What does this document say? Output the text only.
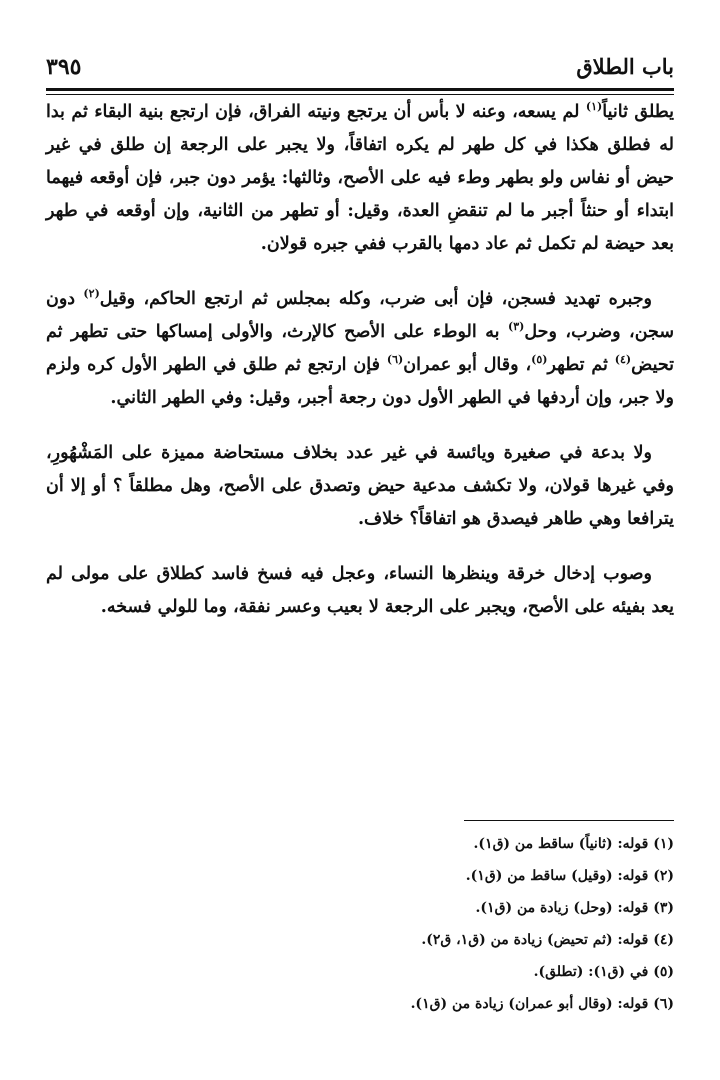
باب الطلاق
٣٩٥

يطلق ثانياً$^{(١)}$ لم يسعه، وعنه لا بأس أن يرتجع ونيته الفراق، فإن ارتجع بنية البقاء ثم بدا له فطلق هكذا في كل طهر لم يكره اتفاقاً، ولا يجبر على الرجعة إن طلق في غير حيض أو نفاس ولو بطهر وطء فيه على الأصح، وثالثها: يؤمر دون جبر، فإن أوقعه فيهما ابتداء أو حنثاً أجبر ما لم تنقضِ العدة، وقيل: أو تطهر من الثانية، وإن أوقعه في طهر بعد حيضة لم تكمل ثم عاد دمها بالقرب ففي جبره قولان.

وجبره تهديد فسجن، فإن أبى ضرب، وكله بمجلس ثم ارتجع الحاكم، وقيل$^{(٢)}$ دون سجن، وضرب، وحل$^{(٣)}$ به الوطء على الأصح كالإرث، والأولى إمساكها حتى تطهر ثم تحيض$^{(٤)}$ ثم تطهر$^{(٥)}$، وقال أبو عمران$^{(٦)}$ فإن ارتجع ثم طلق في الطهر الأول كره ولزم ولا جبر، وإن أردفها في الطهر الأول دون رجعة أجبر، وقيل: وفي الطهر الثاني.

ولا بدعة في صغيرة ويائسة في غير عدد بخلاف مستحاضة مميزة على المَشْهُورِ، وفي غيرها قولان، ولا تكشف مدعية حيض وتصدق على الأصح، وهل مطلقاً ؟ أو إلا أن يترافعا وهي طاهر فيصدق هو اتفاقاً؟ خلاف.

وصوب إدخال خرقة وينظرها النساء، وعجل فيه فسخ فاسد كطلاق على مولى لم يعد بفيئه على الأصح، ويجبر على الرجعة لا بعيب وعسر نفقة، وما للولي فسخه.

(١) قوله: (ثانياً) ساقط من (ق١).

(٢) قوله: (وقيل) ساقط من (ق١).

(٣) قوله: (وحل) زيادة من (ق١).

(٤) قوله: (ثم تحيض) زيادة من (ق١، ق٢).

(٥) في (ق١): (تطلق).

(٦) قوله: (وقال أبو عمران) زيادة من (ق١).
